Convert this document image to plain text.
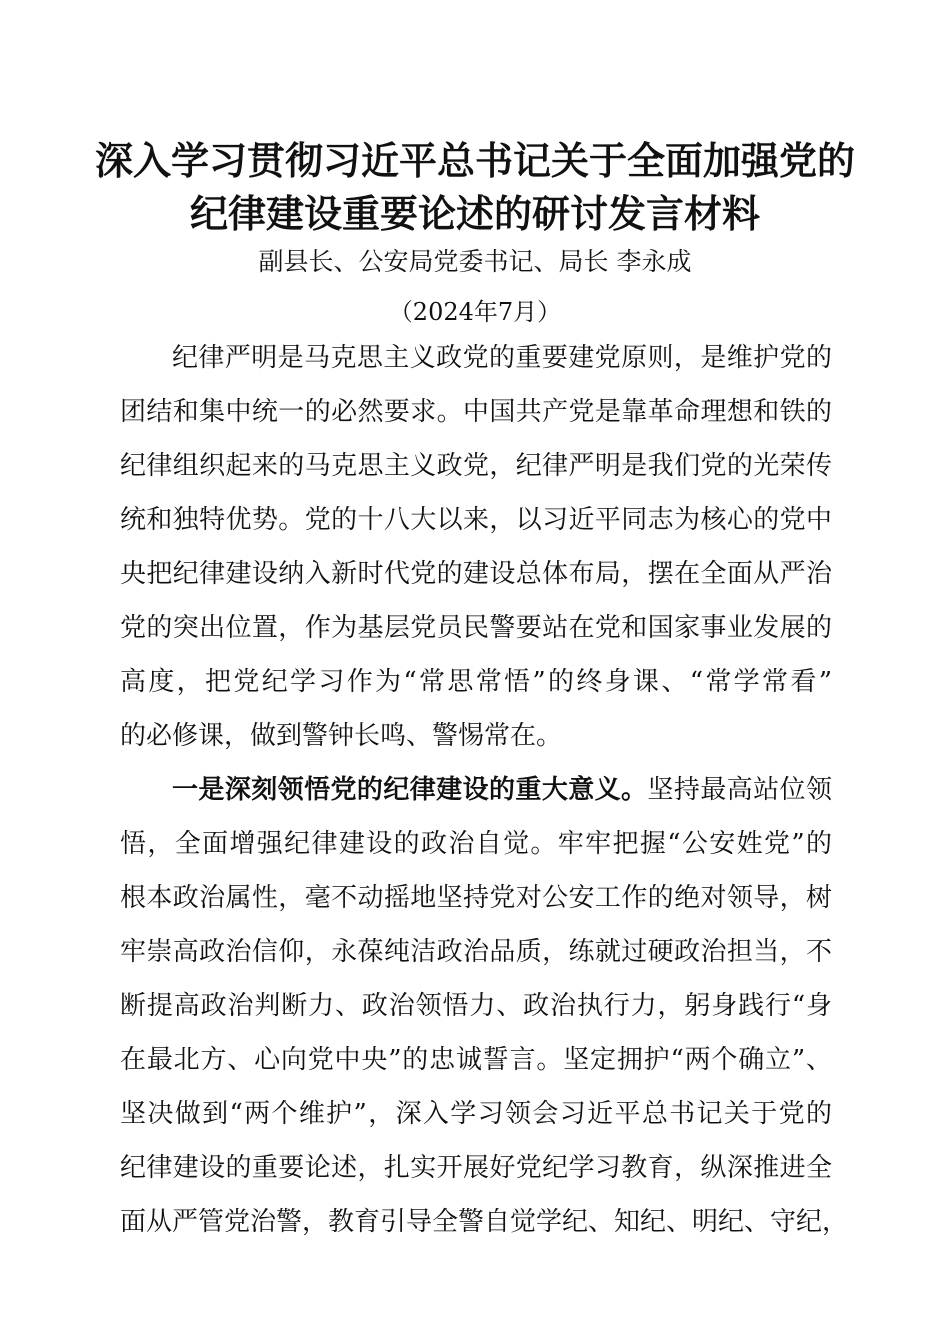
深入学习贯彻习近平总书记关于全面加强党的
纪律建设重要论述的研讨发言材料
副县长、公安局党委书记、局长 李永成
（2024年7月）
纪律严明是马克思主义政党的重要建党原则，是维护党的
团结和集中统一的必然要求。中国共产党是靠革命理想和铁的
纪律组织起来的马克思主义政党，纪律严明是我们党的光荣传
统和独特优势。党的十八大以来，以习近平同志为核心的党中
央把纪律建设纳入新时代党的建设总体布局，摆在全面从严治
党的突出位置，作为基层党员民警要站在党和国家事业发展的
高度，把党纪学习作为“常思常悟”的终身课、“常学常看”
的必修课，做到警钟长鸣、警惕常在。
一是深刻领悟党的纪律建设的重大意义。坚持最高站位领
悟，全面增强纪律建设的政治自觉。牢牢把握“公安姓党”的
根本政治属性，毫不动摇地坚持党对公安工作的绝对领导，树
牢崇高政治信仰，永葆纯洁政治品质，练就过硬政治担当，不
断提高政治判断力、政治领悟力、政治执行力，躬身践行“身
在最北方、心向党中央”的忠诚誓言。坚定拥护“两个确立”、
坚决做到“两个维护”，深入学习领会习近平总书记关于党的
纪律建设的重要论述，扎实开展好党纪学习教育，纵深推进全
面从严管党治警，教育引导全警自觉学纪、知纪、明纪、守纪，
